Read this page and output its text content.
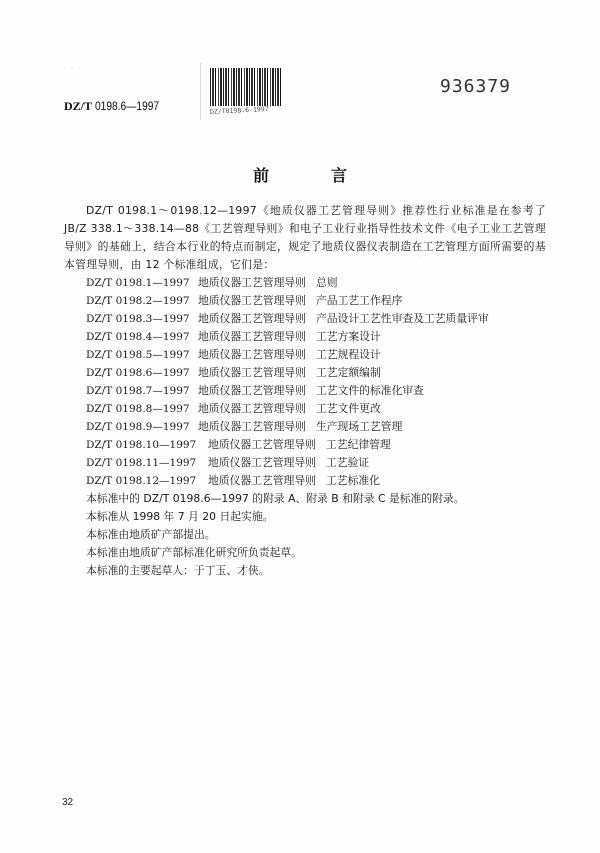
DZ/T 0198.6—1997	DZ/T0198.6-1997
936379
前	言

DZ/T 0198.1～0198.12—1997《地质仪器工艺管理导则》推荐性行业标准是在参考了 JB/Z 338.1～338.14—88《工艺管理导则》和电子工业行业指导性技术文件《电子工业工艺管理导则》的基础上，结合本行业的特点而制定，规定了地质仪器仪表制造在工艺管理方面所需要的基本管理导则，由 12 个标准组成，它们是：

DZ/T 0198.1—1997 地质仪器工艺管理导则 总则
DZ/T 0198.2—1997 地质仪器工艺管理导则 产品工艺工作程序
DZ/T 0198.3—1997 地质仪器工艺管理导则 产品设计工艺性审查及工艺质量评审
DZ/T 0198.4—1997 地质仪器工艺管理导则 工艺方案设计
DZ/T 0198.5—1997 地质仪器工艺管理导则 工艺规程设计
DZ/T 0198.6—1997 地质仪器工艺管理导则 工艺定额编制
DZ/T 0198.7—1997 地质仪器工艺管理导则 工艺文件的标准化审查
DZ/T 0198.8—1997 地质仪器工艺管理导则 工艺文件更改
DZ/T 0198.9—1997 地质仪器工艺管理导则 生产现场工艺管理
DZ/T 0198.10—1997 地质仪器工艺管理导则 工艺纪律管理
DZ/T 0198.11—1997 地质仪器工艺管理导则 工艺验证
DZ/T 0198.12—1997 地质仪器工艺管理导则 工艺标准化
本标准中的 DZ/T 0198.6—1997 的附录 A、附录 B 和附录 C 是标准的附录。
本标准从 1998 年 7 月 20 日起实施。
本标准由地质矿产部提出。
本标准由地质矿产部标准化研究所负责起草。
本标准的主要起草人：于丁玉、才侠。
32
